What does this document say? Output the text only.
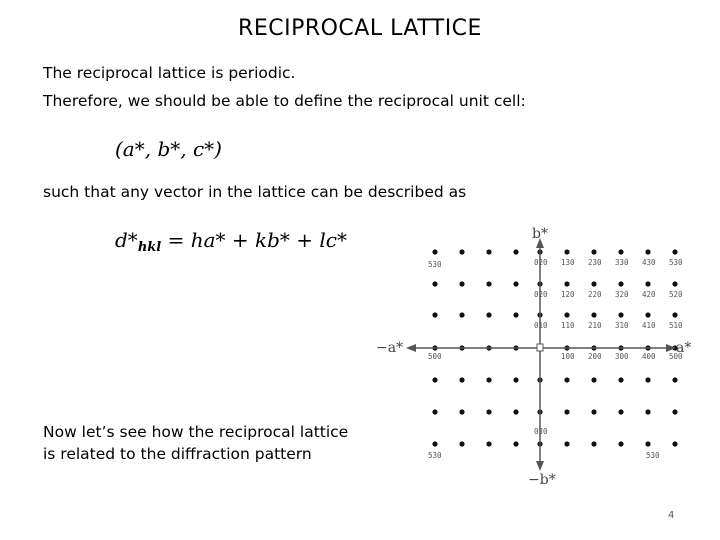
RECIPROCAL LATTICE
The reciprocal lattice is periodic.
Therefore, we should be able to define the reciprocal unit cell:
(a*, b*, c*)
such that any vector in the lattice can be described as
$d*_{hkl} = ha* + kb* + lc*$
Now let’s see how the reciprocal lattice
is related to the diffraction pattern
b*
−b*
a*
−a*
530
500
530	530
020 130 230 330 430 530
020 120 220 320 420 520
010 110 210 310 410 510
100 200 300 400 500
030
4
